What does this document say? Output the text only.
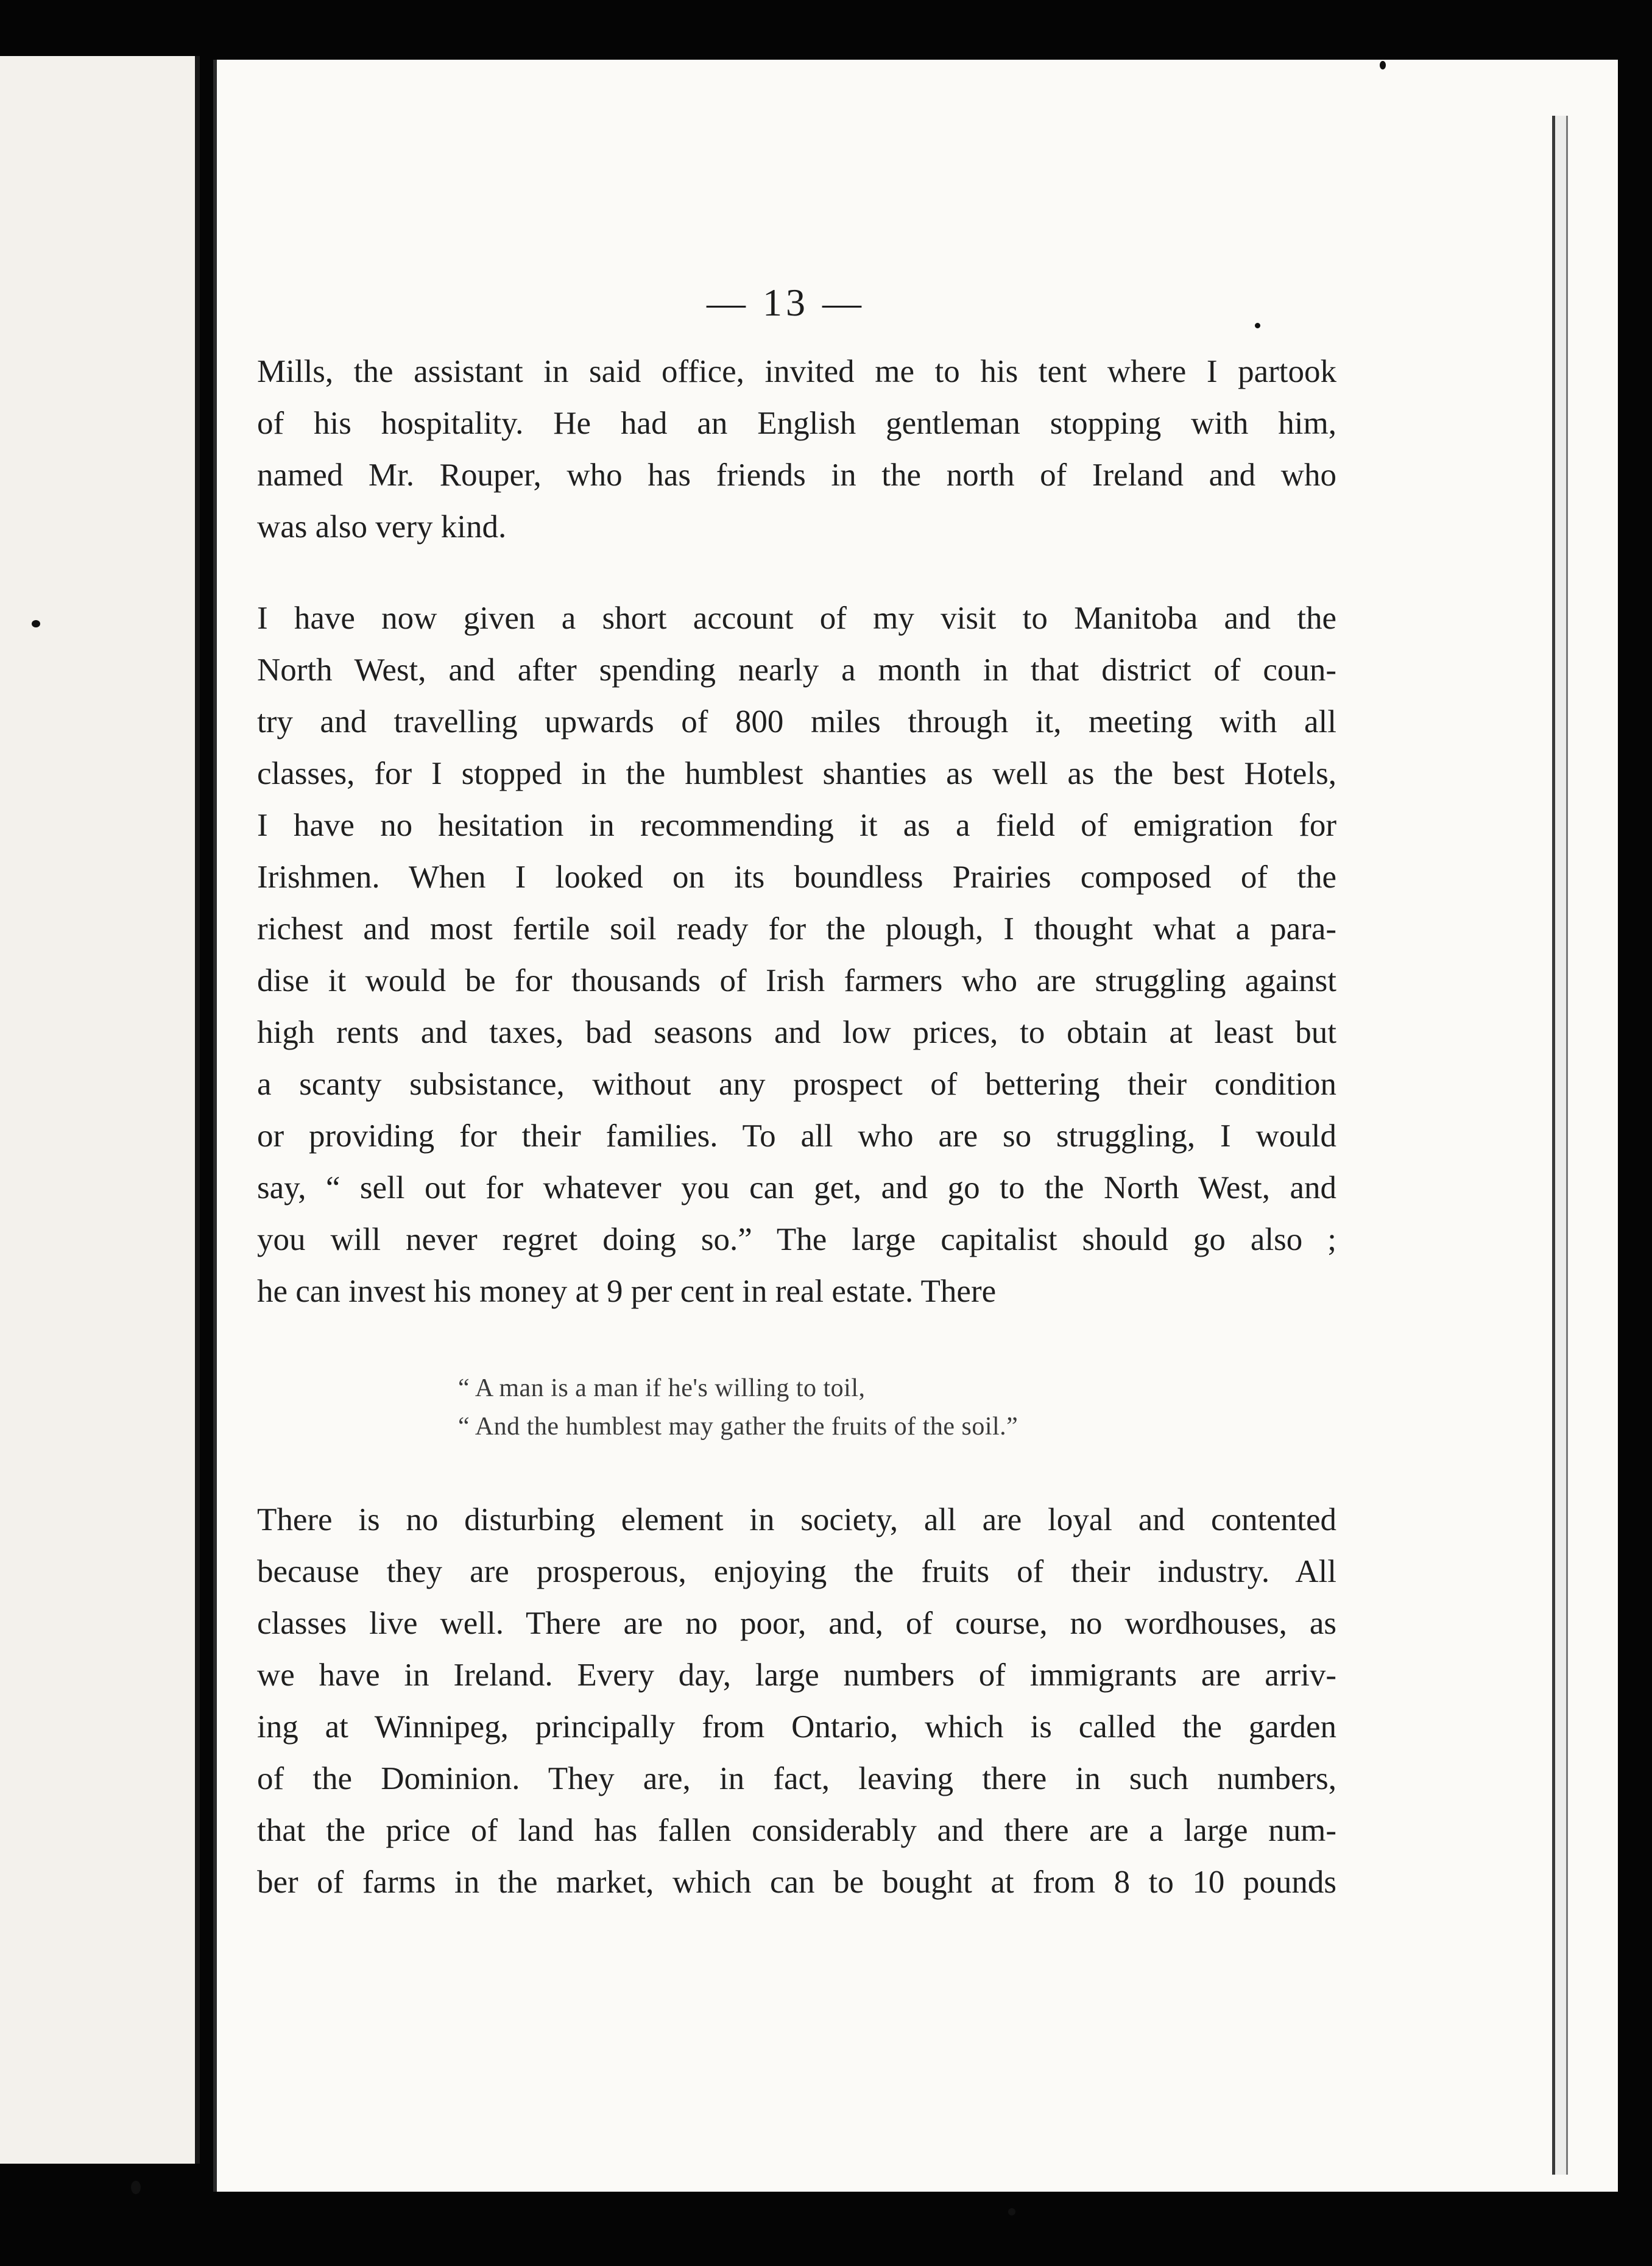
— 13 —
Mills, the assistant in said office, invited me to his tent where I partook
of his hospitality. He had an English gentleman stopping with him,
named Mr. Rouper, who has friends in the north of Ireland and who
was also very kind.
I have now given a short account of my visit to Manitoba and the
North West, and after spending nearly a month in that district of coun-
try and travelling upwards of 800 miles through it, meeting with all
classes, for I stopped in the humblest shanties as well as the best Hotels,
I have no hesitation in recommending it as a field of emigration for
Irishmen. When I looked on its boundless Prairies composed of the
richest and most fertile soil ready for the plough, I thought what a para-
dise it would be for thousands of Irish farmers who are struggling against
high rents and taxes, bad seasons and low prices, to obtain at least but
a scanty subsistance, without any prospect of bettering their condition
or providing for their families. To all who are so struggling, I would
say, “ sell out for whatever you can get, and go to the North West, and
you will never regret doing so.” The large capitalist should go also ;
he can invest his money at 9 per cent in real estate. There
“ A man is a man if he's willing to toil,
“ And the humblest may gather the fruits of the soil.”
There is no disturbing element in society, all are loyal and contented
because they are prosperous, enjoying the fruits of their industry. All
classes live well. There are no poor, and, of course, no wordhouses, as
we have in Ireland. Every day, large numbers of immigrants are arriv-
ing at Winnipeg, principally from Ontario, which is called the garden
of the Dominion. They are, in fact, leaving there in such numbers,
that the price of land has fallen considerably and there are a large num-
ber of farms in the market, which can be bought at from 8 to 10 pounds
